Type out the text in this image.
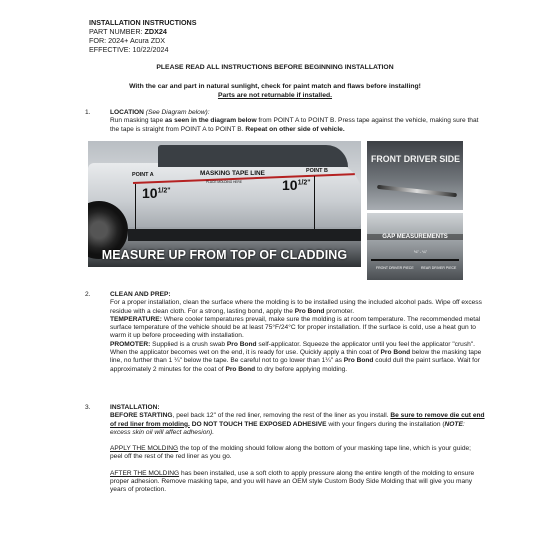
INSTALLATION INSTRUCTIONS
PART NUMBER: ZDX24
FOR: 2024+ Acura ZDX
EFFECTIVE: 10/22/2024
PLEASE READ ALL INSTRUCTIONS BEFORE BEGINNING INSTALLATION
With the car and part in natural sunlight, check for paint match and flaws before installing!
Parts are not returnable if installed.
1.	LOCATION (See Diagram below):
Run masking tape as seen in the diagram below from POINT A to POINT B. Press tape against the vehicle, making sure that the tape is straight from POINT A to POINT B. Repeat on other side of vehicle.
POINT A
POINT B
MASKING TAPE LINE
PLACE MOLDING HERE
$10^{1/2"}$	$10^{1/2"}$
MEASURE UP FROM TOP OF CLADDING
FRONT DRIVER SIDE
GAP MEASUREMENTS
⅛" - ¼"
FRONT DRIVER PIECE REAR DRIVER PIECE
2.	CLEAN AND PREP:
For a proper installation, clean the surface where the molding is to be installed using the included alcohol pads. Wipe off excess residue with a clean cloth. For a strong, lasting bond, apply the Pro Bond promoter.
TEMPERATURE: Where cooler temperatures prevail, make sure the molding is at room temperature. The recommended metal surface temperature of the vehicle should be at least 75°F/24°C for proper installation. If the surface is cold, use a heat gun to warm it up before proceeding with installation.
PROMOTER: Supplied is a crush swab Pro Bond self-applicator. Squeeze the applicator until you feel the applicator "crush". When the applicator becomes wet on the end, it is ready for use. Quickly apply a thin coat of Pro Bond below the masking tape line, no further than 1 ¼" below the tape. Be careful not to go lower than 1¼" as Pro Bond could dull the paint surface. Wait for approximately 2 minutes for the coat of Pro Bond to dry before applying molding.
3.	INSTALLATION:
BEFORE STARTING, peel back 12" of the red liner, removing the rest of the liner as you install. Be sure to remove die cut end of red liner from molding. DO NOT TOUCH THE EXPOSED ADHESIVE with your fingers during the installation (NOTE: excess skin oil will affect adhesion).
APPLY THE MOLDING the top of the molding should follow along the bottom of your masking tape line, which is your guide; peel off the rest of the red liner as you go.
AFTER THE MOLDING has been installed, use a soft cloth to apply pressure along the entire length of the molding to ensure proper adhesion. Remove masking tape, and you will have an OEM style Custom Body Side Molding that will give you many years of protection.
